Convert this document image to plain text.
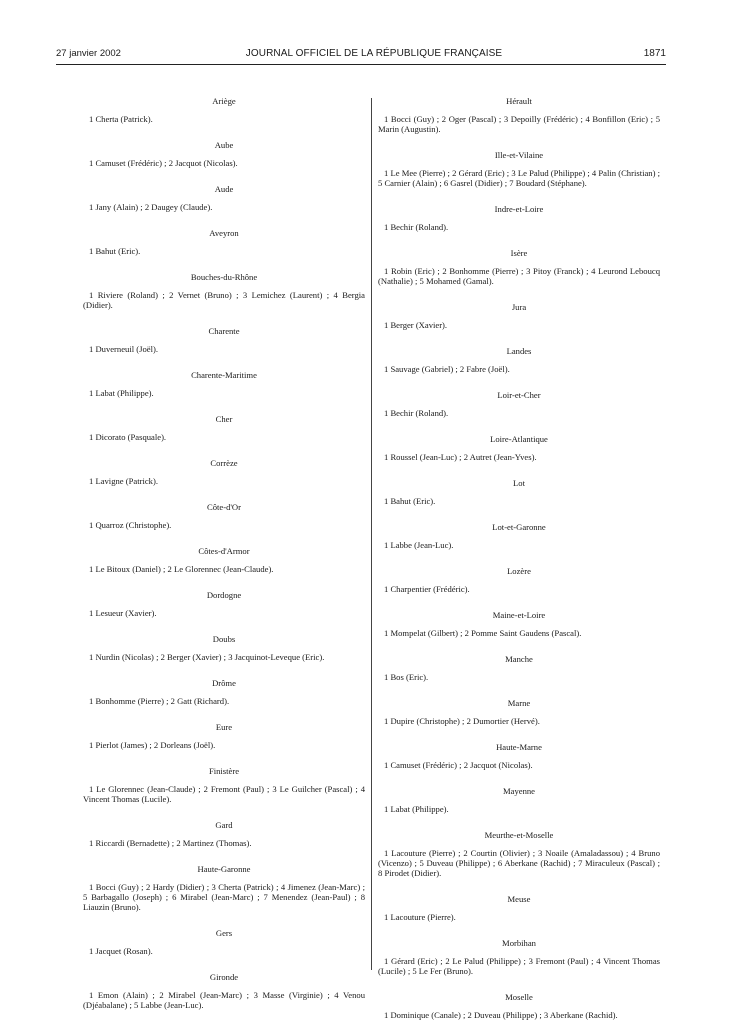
27 janvier 2002	JOURNAL OFFICIEL DE LA RÉPUBLIQUE FRANÇAISE	1871
Ariège
1 Cherta (Patrick).
Aube
1 Camuset (Frédéric) ; 2 Jacquot (Nicolas).
Aude
1 Jany (Alain) ; 2 Daugey (Claude).
Aveyron
1 Bahut (Eric).
Bouches-du-Rhône
1 Riviere (Roland) ; 2 Vernet (Bruno) ; 3 Lemichez (Laurent) ; 4 Bergia (Didier).
Charente
1 Duverneuil (Joël).
Charente-Maritime
1 Labat (Philippe).
Cher
1 Dicorato (Pasquale).
Corrèze
1 Lavigne (Patrick).
Côte-d'Or
1 Quarroz (Christophe).
Côtes-d'Armor
1 Le Bitoux (Daniel) ; 2 Le Glorennec (Jean-Claude).
Dordogne
1 Lesueur (Xavier).
Doubs
1 Nurdin (Nicolas) ; 2 Berger (Xavier) ; 3 Jacquinot-Leveque (Eric).
Drôme
1 Bonhomme (Pierre) ; 2 Gatt (Richard).
Eure
1 Pierlot (James) ; 2 Dorleans (Joël).
Finistère
1 Le Glorennec (Jean-Claude) ; 2 Fremont (Paul) ; 3 Le Guilcher (Pascal) ; 4 Vincent Thomas (Lucile).
Gard
1 Riccardi (Bernadette) ; 2 Martinez (Thomas).
Haute-Garonne
1 Bocci (Guy) ; 2 Hardy (Didier) ; 3 Cherta (Patrick) ; 4 Jimenez (Jean-Marc) ; 5 Barbagallo (Joseph) ; 6 Mirabel (Jean-Marc) ; 7 Menendez (Jean-Paul) ; 8 Liauzin (Bruno).
Gers
1 Jacquet (Rosan).
Gironde
1 Emon (Alain) ; 2 Mirabel (Jean-Marc) ; 3 Masse (Virginie) ; 4 Venou (Djéabalane) ; 5 Labbe (Jean-Luc).
Hérault
1 Bocci (Guy) ; 2 Oger (Pascal) ; 3 Depoilly (Frédéric) ; 4 Bonfillon (Eric) ; 5 Marin (Augustin).
Ille-et-Vilaine
1 Le Mee (Pierre) ; 2 Gérard (Eric) ; 3 Le Palud (Philippe) ; 4 Palin (Christian) ; 5 Carnier (Alain) ; 6 Gasrel (Didier) ; 7 Boudard (Stéphane).
Indre-et-Loire
1 Bechir (Roland).
Isère
1 Robin (Eric) ; 2 Bonhomme (Pierre) ; 3 Pitoy (Franck) ; 4 Leurond Leboucq (Nathalie) ; 5 Mohamed (Gamal).
Jura
1 Berger (Xavier).
Landes
1 Sauvage (Gabriel) ; 2 Fabre (Joël).
Loir-et-Cher
1 Bechir (Roland).
Loire-Atlantique
1 Roussel (Jean-Luc) ; 2 Autret (Jean-Yves).
Lot
1 Bahut (Eric).
Lot-et-Garonne
1 Labbe (Jean-Luc).
Lozère
1 Charpentier (Frédéric).
Maine-et-Loire
1 Mompelat (Gilbert) ; 2 Pomme Saint Gaudens (Pascal).
Manche
1 Bos (Eric).
Marne
1 Dupire (Christophe) ; 2 Dumortier (Hervé).
Haute-Marne
1 Camuset (Frédéric) ; 2 Jacquot (Nicolas).
Mayenne
1 Labat (Philippe).
Meurthe-et-Moselle
1 Lacouture (Pierre) ; 2 Courtin (Olivier) ; 3 Noaile (Amaladassou) ; 4 Bruno (Vicenzo) ; 5 Duveau (Philippe) ; 6 Aberkane (Rachid) ; 7 Miraculeux (Pascal) ; 8 Pirodet (Didier).
Meuse
1 Lacouture (Pierre).
Morbihan
1 Gérard (Eric) ; 2 Le Palud (Philippe) ; 3 Fremont (Paul) ; 4 Vincent Thomas (Lucile) ; 5 Le Fer (Bruno).
Moselle
1 Dominique (Canale) ; 2 Duveau (Philippe) ; 3 Aberkane (Rachid).
